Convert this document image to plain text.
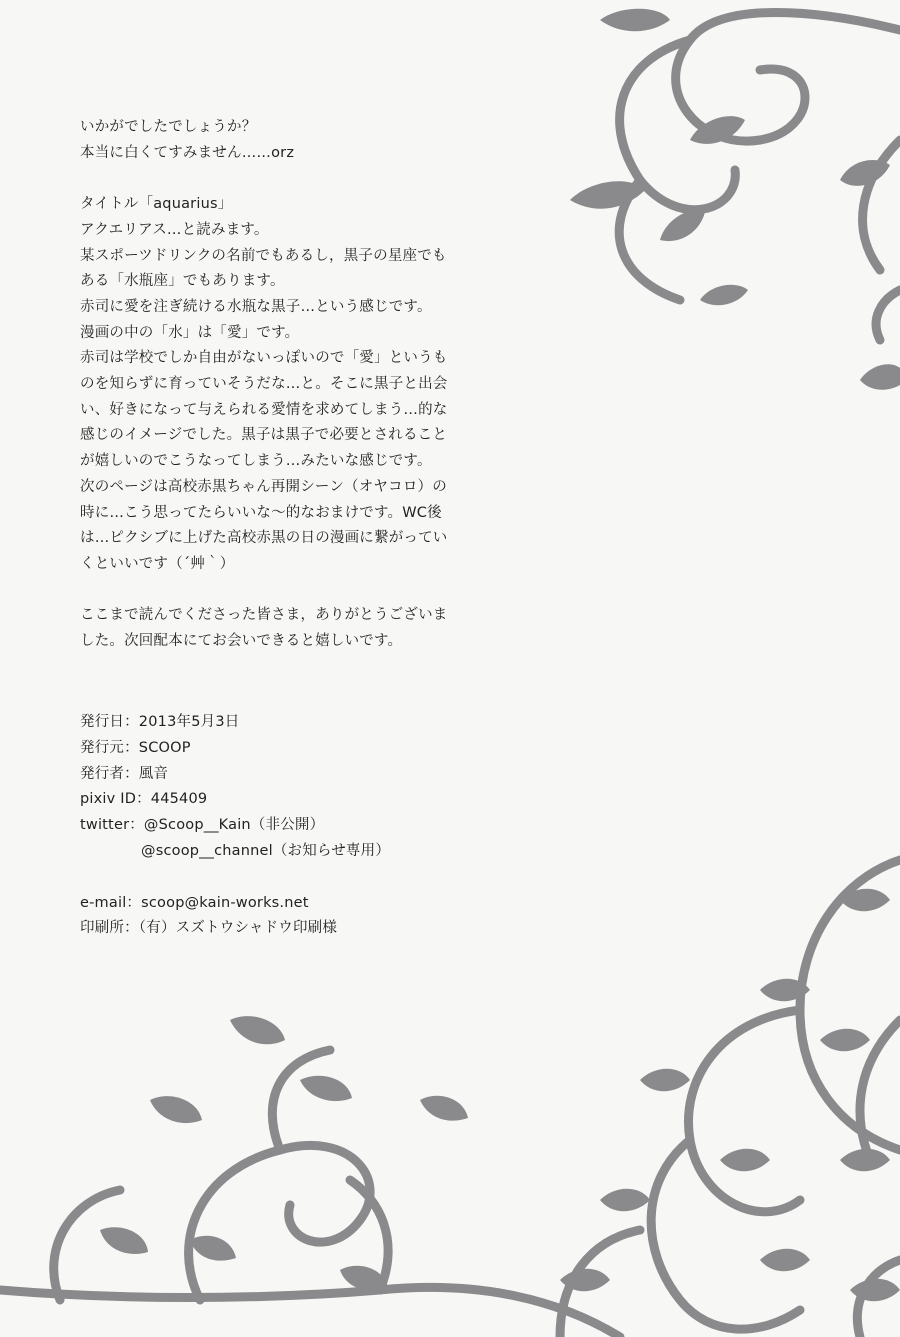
いかがでしたでしょうか？

本当に白くてすみません……orz

タイトル「aquarius」

アクエリアス…と読みます。

某スポーツドリンクの名前でもあるし，黒子の星座でも

ある「水瓶座」でもあります。

赤司に愛を注ぎ続ける水瓶な黒子…という感じです。

漫画の中の「水」は「愛」です。

赤司は学校でしか自由がないっぽいので「愛」というも

のを知らずに育っていそうだな…と。そこに黒子と出会

い、好きになって与えられる愛情を求めてしまう…的な

感じのイメージでした。黒子は黒子で必要とされること

が嬉しいのでこうなってしまう…みたいな感じです。

次のページは高校赤黒ちゃん再開シーン（オヤコロ）の

時に…こう思ってたらいいな～的なおまけです。WC後

は…ピクシブに上げた高校赤黒の日の漫画に繋がってい

くといいです（´艸｀）

ここまで読んでくださった皆さま，ありがとうございま

した。次回配本にてお会いできると嬉しいです。

発行日：2013年5月3日
発行元：SCOOP
発行者：風音
pixiv ID：445409
twitter：@Scoop__Kain（非公開）
@scoop__channel（お知らせ専用）
e-mail：scoop@kain-works.net
印刷所：（有）スズトウシャドウ印刷様
